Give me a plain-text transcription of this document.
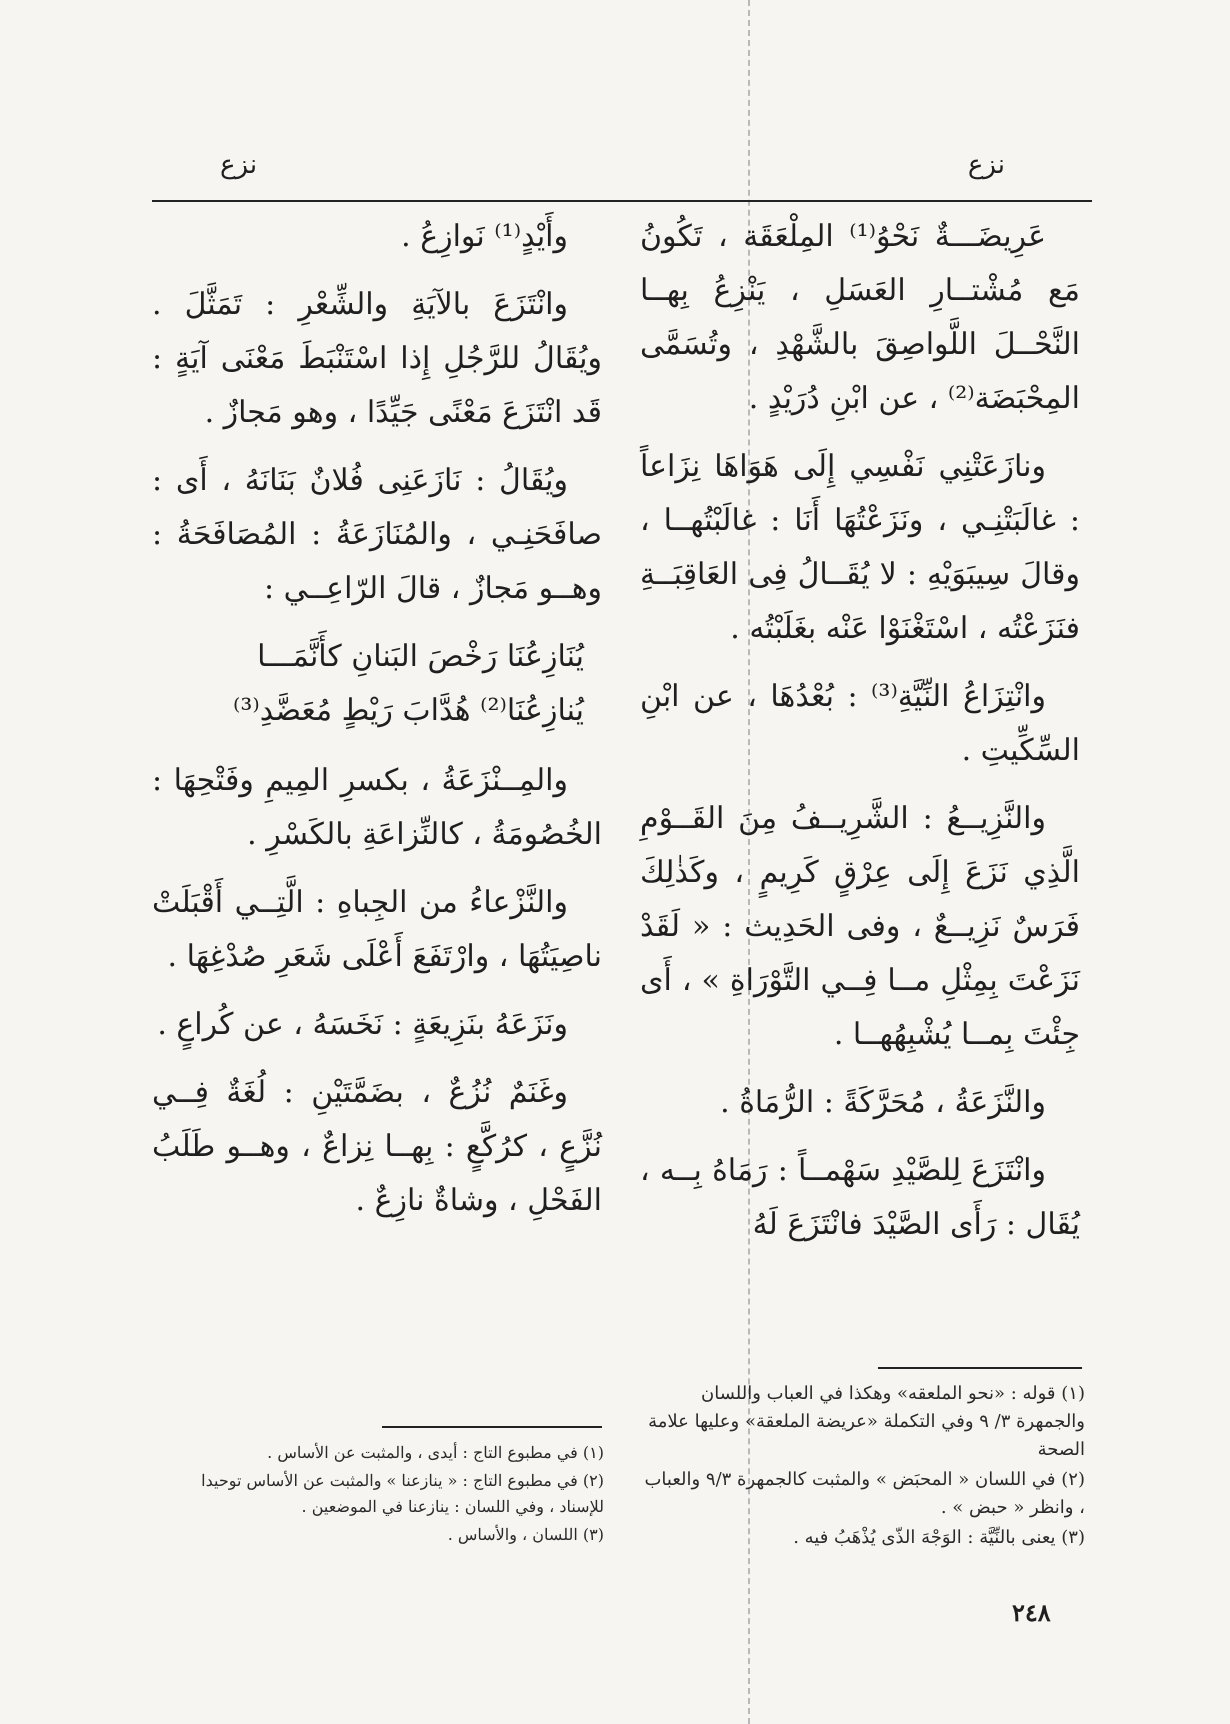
نزع
نزع

عَرِيضَـــةٌ نَحْوُ⁽¹⁾ المِلْعَقَة ، تَكُونُ مَع مُشْتــارِ العَسَلِ ، يَنْزِعُ بِهــا النَّحْــلَ اللَّواصِقَ بالشَّهْدِ ، وتُسَمَّى المِحْبَضَة⁽²⁾ ، عن ابْنِ دُرَيْدٍ .

ونازَعَتْنِي نَفْسِي إِلَى هَوَاهَا نِزَاعاً : غالَبَتْنِـي ، ونَزَعْتُهَا أَنَا : غالَبْتُهــا ، وقالَ سِيبَوَيْهِ : لا يُقَــالُ فِى العَاقِبَــةِ فنَزَعْتُه ، اسْتَغْنَوْا عَنْه بغَلَبْتُه .

وانْتِزَاعُ النِّيَّةِ⁽³⁾ : بُعْدُهَا ، عن ابْنِ السِّكِّيتِ .

والنَّزِيــعُ : الشَّرِيــفُ مِنَ القَــوْمِ الَّذِي نَزَعَ إِلَى عِرْقٍ كَرِيمٍ ، وكَذٰلِكَ فَرَسٌ نَزِيــعٌ ، وفى الحَدِيث : « لَقَدْ نَزَعْتَ بِمِثْلِ مــا فِــي التَّوْرَاةِ » ، أَى جِئْتَ بِمــا يُشْبِهُهــا .

والنَّزَعَةُ ، مُحَرَّكَةً : الرُّمَاةُ .

وانْتَزَعَ لِلصَّيْدِ سَهْمــاً : رَمَاهُ بِــه ، يُقَال : رَأَى الصَّيْدَ فانْتَزَعَ لَهُ

(١) قوله : «نحو الملعقه» وهكذا في العباب واللسان والجمهرة ٣/ ٩ وفي التكملة «عريضة الملعقة» وعليها علامة الصحة
(٢) في اللسان « المحبَض » والمثبت كالجمهرة ٩/٣ والعباب ، وانظر « حبض » .
(٣) يعنى بالنِّيَّة : الوَجْهَ الذّى يُذْهَبُ فيه .

وأَيْدٍ⁽¹⁾ نَوازِعُ .

وانْتَزَعَ بالآيَةِ والشِّعْرِ : تَمَثَّلَ . ويُقَالُ للرَّجُلِ إِذا اسْتَنْبَطَ مَعْنَى آيَةٍ : قَد انْتَزَعَ مَعْنًى جَيِّدًا ، وهو مَجازٌ .

ويُقَالُ : نَازَعَنِى فُلانٌ بَنَانَهُ ، أَى : صافَحَنِـي ، والمُنَازَعَةُ : المُصَافَحَةُ : وهــو مَجازٌ ، قالَ الرّاعِــي :

يُنَازِعُنَا رَخْصَ البَنانِ كأَنَّمَـــا
يُنازِعُنَا⁽²⁾ هُدَّابَ رَيْطٍ مُعَضَّدِ⁽³⁾

والمِــنْزَعَةُ ، بكسرِ المِيمِ وفَتْحِهَا : الخُصُومَةُ ، كالنِّزاعَةِ بالكَسْرِ .

والنَّزْعاءُ من الجِباهِ : الَّتِــي أَقْبَلَتْ ناصِيَتُهَا ، وارْتَفَعَ أَعْلَى شَعَرِ صُدْغِهَا .

ونَزَعَهُ بنَزِيعَةٍ : نَخَسَهُ ، عن كُراعٍ .

وغَنَمٌ نُزُعٌ ، بضَمَّتَيْنِ : لُغَةٌ فِــي نُزَّعٍ ، كرُكَّعٍ : بِهــا نِزاعٌ ، وهــو طَلَبُ الفَحْلِ ، وشاةٌ نازِعٌ .

(١) في مطبوع التاج : أيدى ، والمثبت عن الأساس .
(٢) في مطبوع التاج : « ينازعنا » والمثبت عن الأساس توحيدا للإسناد ، وفي اللسان : ينازعنا في الموضعين .
(٣) اللسان ، والأساس .
٢٤٨
